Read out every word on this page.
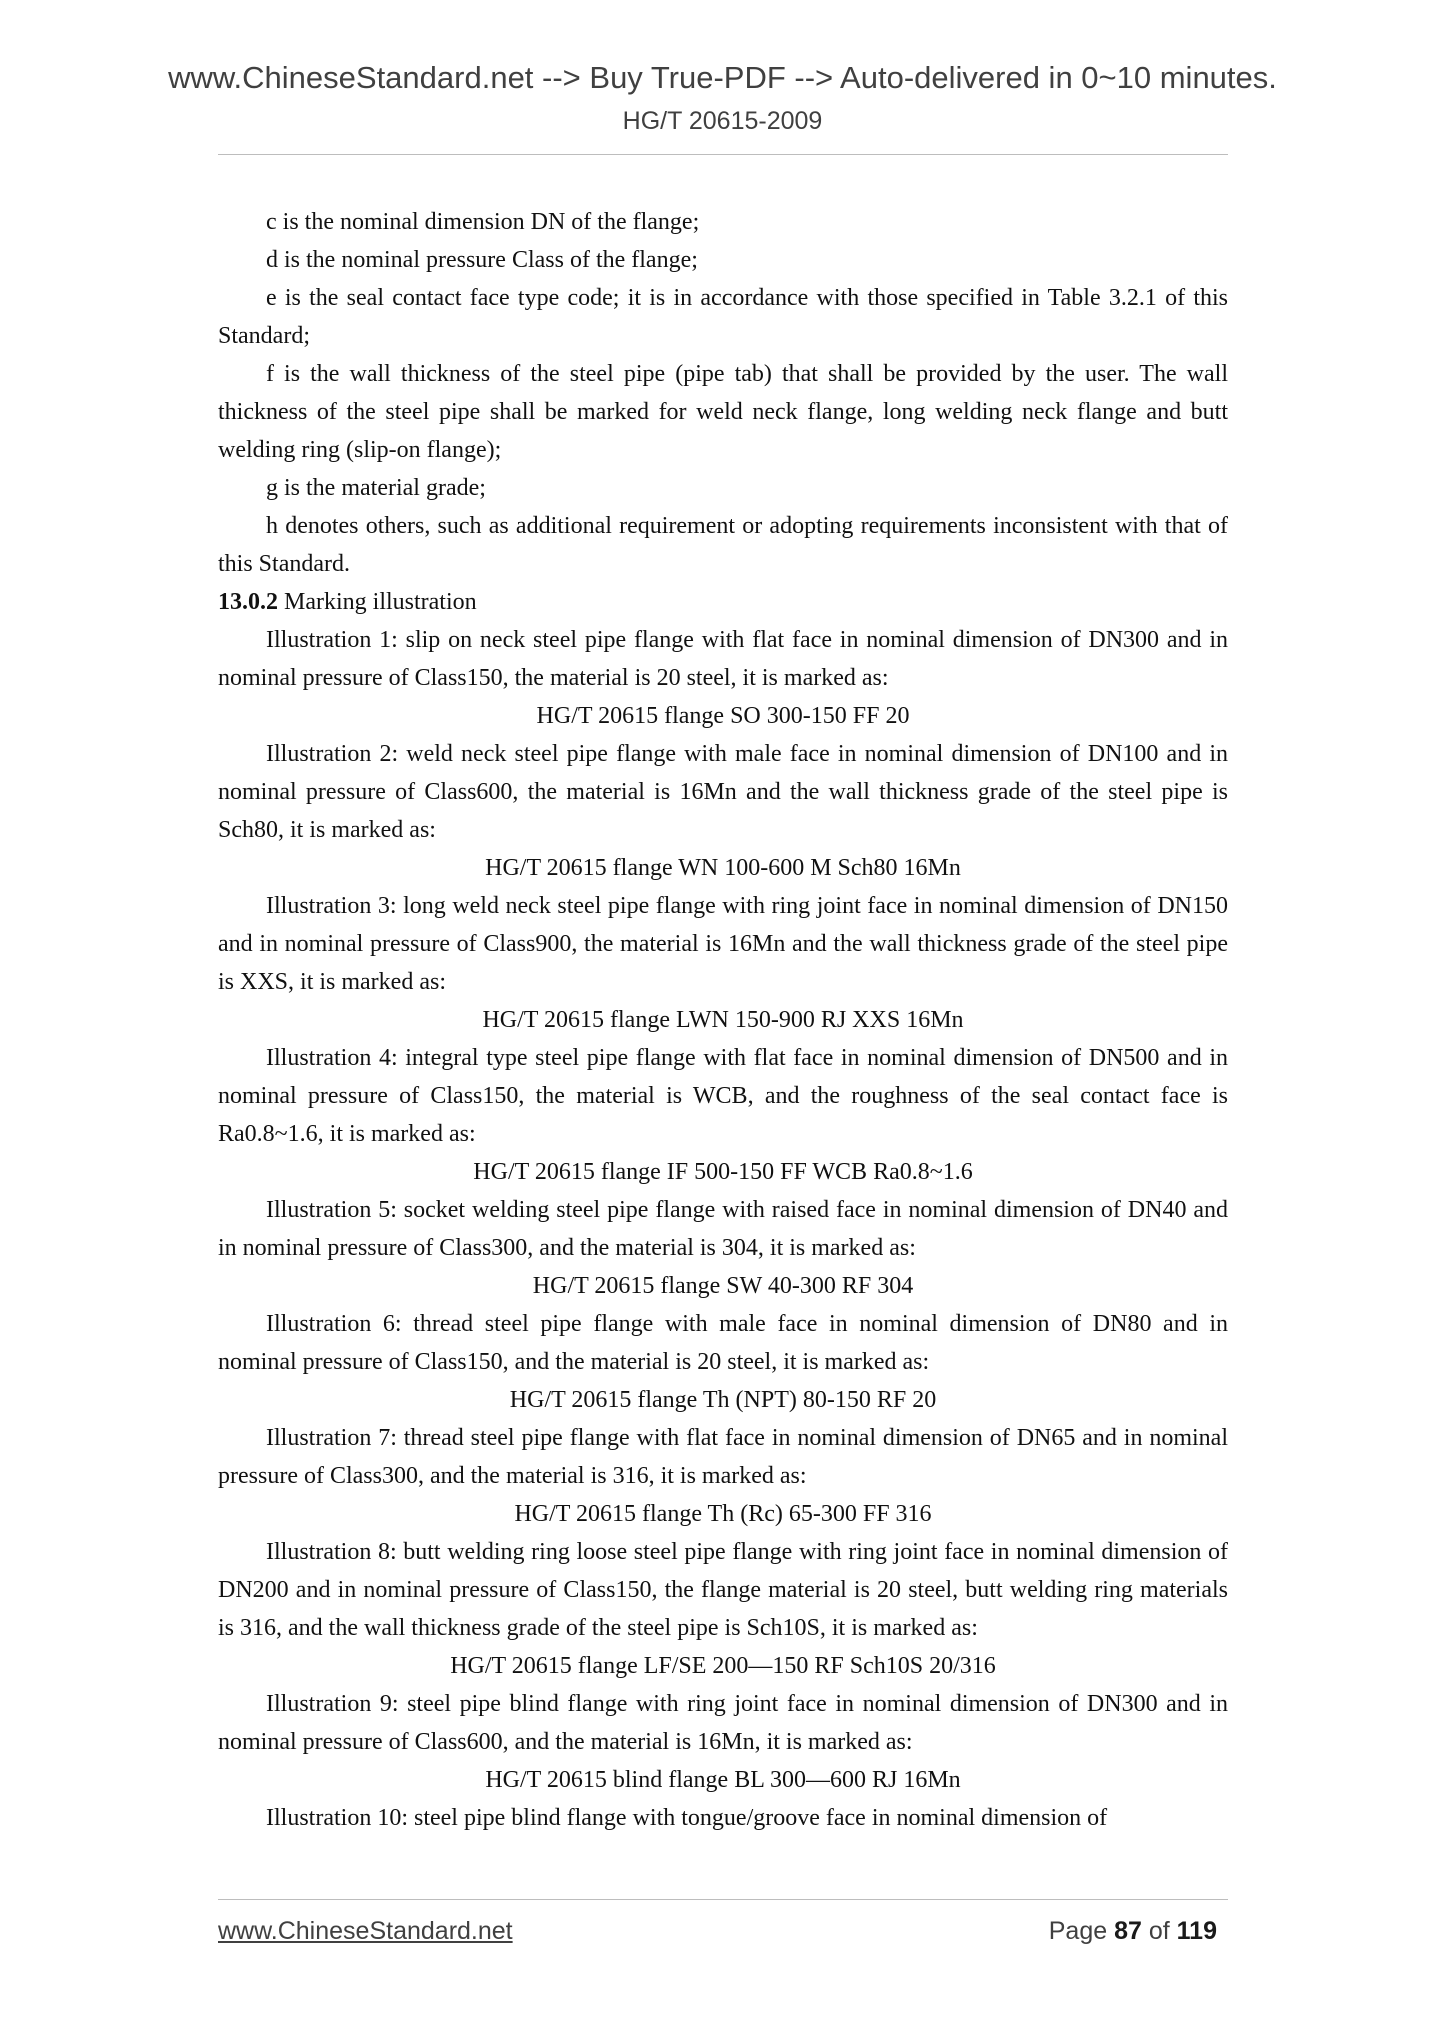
www.ChineseStandard.net --> Buy True-PDF --> Auto-delivered in 0~10 minutes.
HG/T 20615-2009

c is the nominal dimension DN of the flange;

d is the nominal pressure Class of the flange;

e is the seal contact face type code; it is in accordance with those specified in Table 3.2.1 of this Standard;

f is the wall thickness of the steel pipe (pipe tab) that shall be provided by the user. The wall thickness of the steel pipe shall be marked for weld neck flange, long welding neck flange and butt welding ring (slip-on flange);

g is the material grade;

h denotes others, such as additional requirement or adopting requirements inconsistent with that of this Standard.

13.0.2 Marking illustration

Illustration 1: slip on neck steel pipe flange with flat face in nominal dimension of DN300 and in nominal pressure of Class150, the material is 20 steel, it is marked as:

HG/T 20615 flange SO 300-150 FF 20

Illustration 2: weld neck steel pipe flange with male face in nominal dimension of DN100 and in nominal pressure of Class600, the material is 16Mn and the wall thickness grade of the steel pipe is Sch80, it is marked as:

HG/T 20615 flange WN 100-600 M Sch80 16Mn

Illustration 3: long weld neck steel pipe flange with ring joint face in nominal dimension of DN150 and in nominal pressure of Class900, the material is 16Mn and the wall thickness grade of the steel pipe is XXS, it is marked as:

HG/T 20615 flange LWN 150-900 RJ XXS 16Mn

Illustration 4: integral type steel pipe flange with flat face in nominal dimension of DN500 and in nominal pressure of Class150, the material is WCB, and the roughness of the seal contact face is Ra0.8~1.6, it is marked as:

HG/T 20615 flange IF 500-150 FF WCB Ra0.8~1.6

Illustration 5: socket welding steel pipe flange with raised face in nominal dimension of DN40 and in nominal pressure of Class300, and the material is 304, it is marked as:

HG/T 20615 flange SW 40-300 RF 304

Illustration 6: thread steel pipe flange with male face in nominal dimension of DN80 and in nominal pressure of Class150, and the material is 20 steel, it is marked as:

HG/T 20615 flange Th (NPT) 80-150 RF 20

Illustration 7: thread steel pipe flange with flat face in nominal dimension of DN65 and in nominal pressure of Class300, and the material is 316, it is marked as:

HG/T 20615 flange Th (Rc) 65-300 FF 316

Illustration 8: butt welding ring loose steel pipe flange with ring joint face in nominal dimension of DN200 and in nominal pressure of Class150, the flange material is 20 steel, butt welding ring materials is 316, and the wall thickness grade of the steel pipe is Sch10S, it is marked as:

HG/T 20615 flange LF/SE 200—150 RF Sch10S 20/316

Illustration 9: steel pipe blind flange with ring joint face in nominal dimension of DN300 and in nominal pressure of Class600, and the material is 16Mn, it is marked as:

HG/T 20615 blind flange BL 300—600 RJ 16Mn

Illustration 10: steel pipe blind flange with tongue/groove face in nominal dimension of

www.ChineseStandard.net	Page 87 of 119
